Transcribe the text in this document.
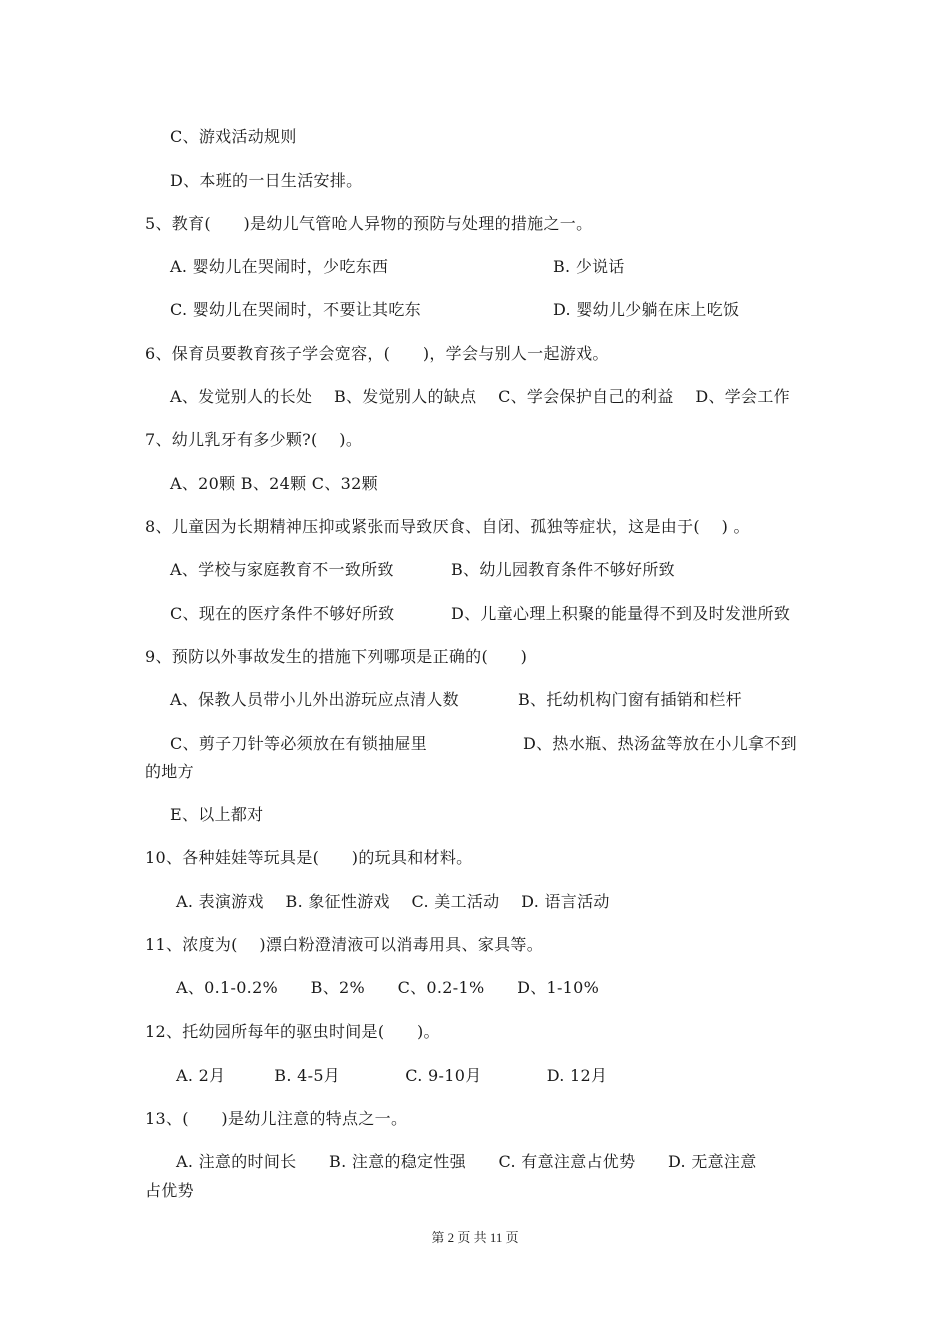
C、游戏活动规则
D、本班的一日生活安排。
5、教育(　　)是幼儿气管呛人异物的预防与处理的措施之一。
A. 婴幼儿在哭闹时，少吃东西	B. 少说话
C. 婴幼儿在哭闹时，不要让其吃东	D. 婴幼儿少躺在床上吃饭
6、保育员要教育孩子学会宽容，(　　)，学会与别人一起游戏。
A、发觉别人的长处　 B、发觉别人的缺点　 C、学会保护自己的利益　 D、学会工作
7、幼儿乳牙有多少颗?(　 )。
A、20颗 B、24颗 C、32颗
8、儿童因为长期精神压抑或紧张而导致厌食、自闭、孤独等症状，这是由于(　 ) 。
A、学校与家庭教育不一致所致	B、幼儿园教育条件不够好所致
C、现在的医疗条件不够好所致	D、儿童心理上积聚的能量得不到及时发泄所致
9、预防以外事故发生的措施下列哪项是正确的(　　)
A、保教人员带小儿外出游玩应点清人数	B、托幼机构门窗有插销和栏杆
C、剪子刀针等必须放在有锁抽屉里	D、热水瓶、热汤盆等放在小儿拿不到
的地方
E、以上都对
10、各种娃娃等玩具是(　　)的玩具和材料。
A. 表演游戏　 B. 象征性游戏　 C. 美工活动　 D. 语言活动
11、浓度为(　 )漂白粉澄清液可以消毒用具、家具等。
A、0.1-0.2%　　B、2%　　C、0.2-1%　　D、1-10%
12、托幼园所每年的驱虫时间是(　　)。
A. 2月　　　B. 4-5月　　　　C. 9-10月　　　　D. 12月
13、(　　)是幼儿注意的特点之一。
A. 注意的时间长　　B. 注意的稳定性强　　C. 有意注意占优势　　D. 无意注意
占优势
第 2 页 共 11 页
